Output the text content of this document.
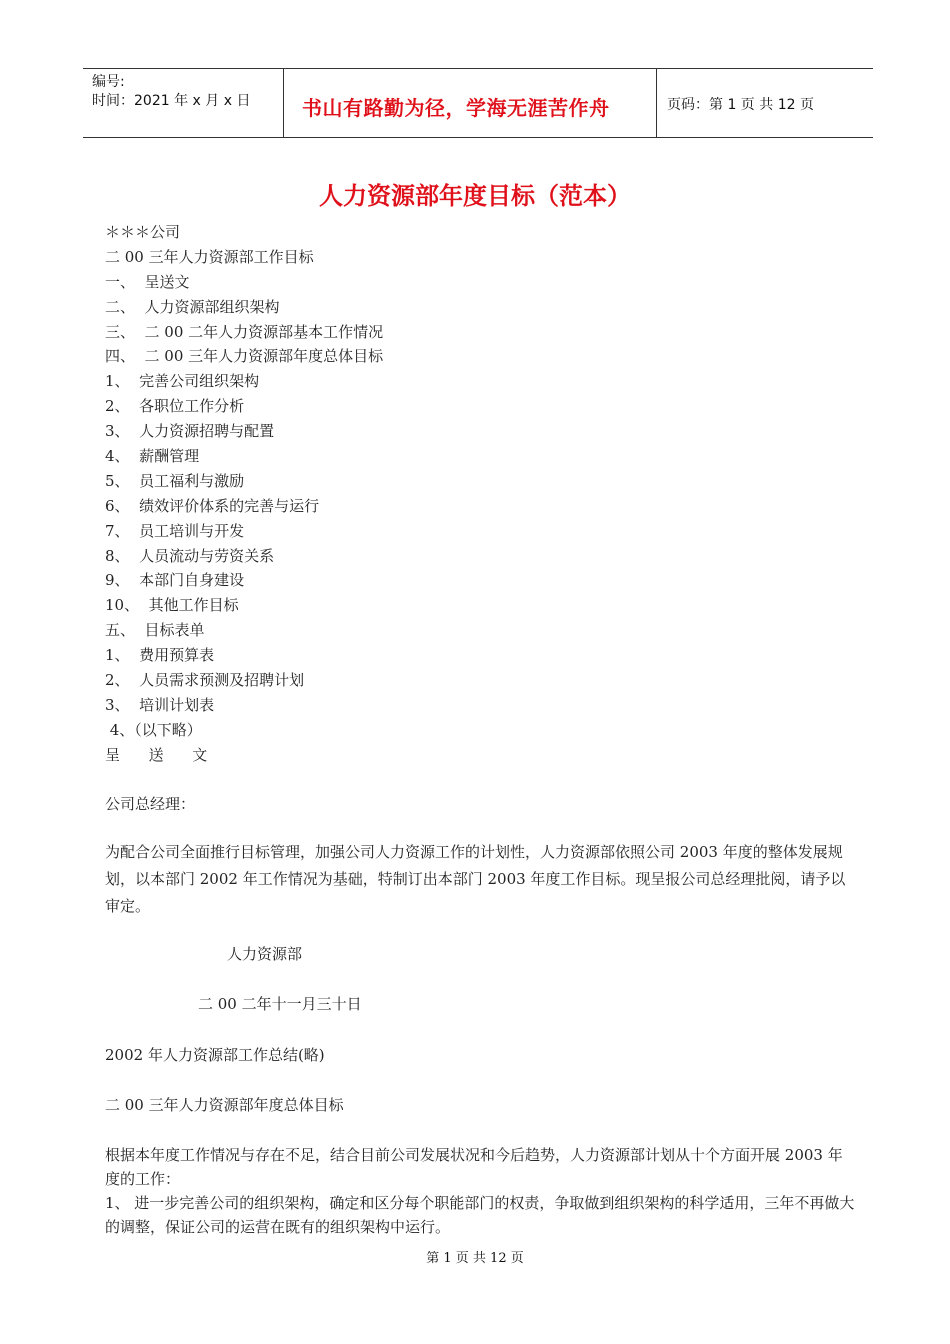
编号:
时间：2021 年 x 月 x 日	书山有路勤为径，学海无涯苦作舟	页码：第 1 页 共 12 页
人力资源部年度目标（范本）
＊＊＊公司
二 00 三年人力资源部工作目标
一、  呈送文
二、  人力资源部组织架构
三、  二 00 二年人力资源部基本工作情况
四、  二 00 三年人力资源部年度总体目标
1、  完善公司组织架构
2、  各职位工作分析
3、  人力资源招聘与配置
4、  薪酬管理
5、  员工福利与激励
6、  绩效评价体系的完善与运行
7、  员工培训与开发
8、  人员流动与劳资关系
9、  本部门自身建设
10、  其他工作目标
五、  目标表单
1、  费用预算表
2、  人员需求预测及招聘计划
3、  培训计划表
4、（以下略）
呈      送      文
公司总经理：

为配合公司全面推行目标管理，加强公司人力资源工作的计划性，人力资源部依照公司 2003 年度的整体发展规划，以本部门 2002 年工作情况为基础，特制订出本部门 2003 年度工作目标。现呈报公司总经理批阅，请予以审定。

人力资源部
二 00 二年十一月三十日
2002 年人力资源部工作总结(略)
二 00 三年人力资源部年度总体目标

根据本年度工作情况与存在不足，结合目前公司发展状况和今后趋势，人力资源部计划从十个方面开展 2003 年度的工作：

1、 进一步完善公司的组织架构，确定和区分每个职能部门的权责，争取做到组织架构的科学适用，三年不再做大的调整，保证公司的运营在既有的组织架构中运行。

第 1 页 共 12 页
